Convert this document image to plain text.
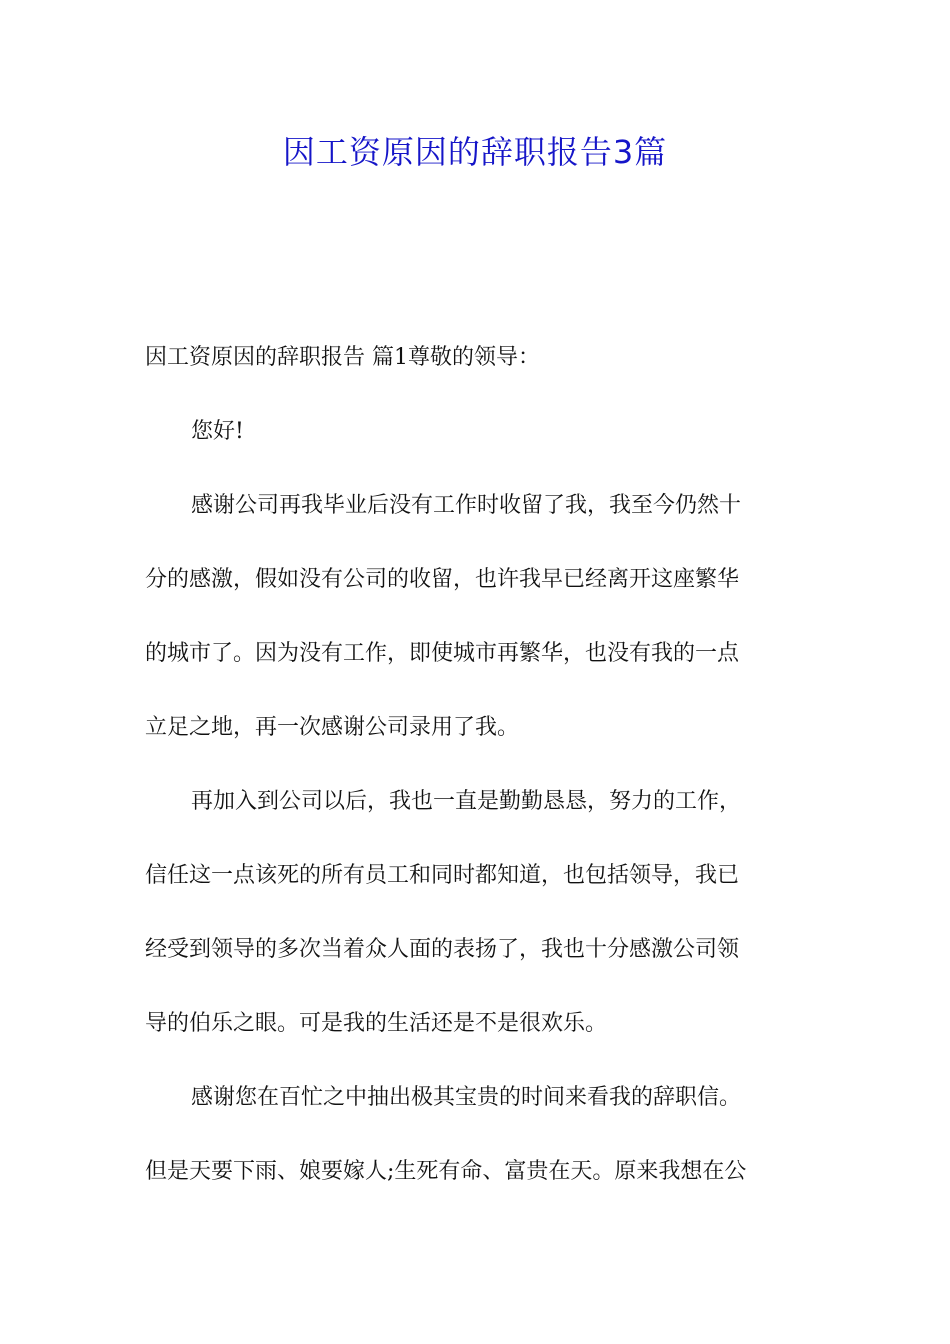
因工资原因的辞职报告3篇

因工资原因的辞职报告 篇1尊敬的领导：

您好!

感谢公司再我毕业后没有工作时收留了我，我至今仍然十
分的感激，假如没有公司的收留，也许我早已经离开这座繁华
的城市了。因为没有工作，即使城市再繁华，也没有我的一点
立足之地，再一次感谢公司录用了我。

再加入到公司以后，我也一直是勤勤恳恳，努力的工作，
信任这一点该死的所有员工和同时都知道，也包括领导，我已
经受到领导的多次当着众人面的表扬了，我也十分感激公司领
导的伯乐之眼。可是我的生活还是不是很欢乐。

感谢您在百忙之中抽出极其宝贵的时间来看我的辞职信。
但是天要下雨、娘要嫁人;生死有命、富贵在天。原来我想在公
